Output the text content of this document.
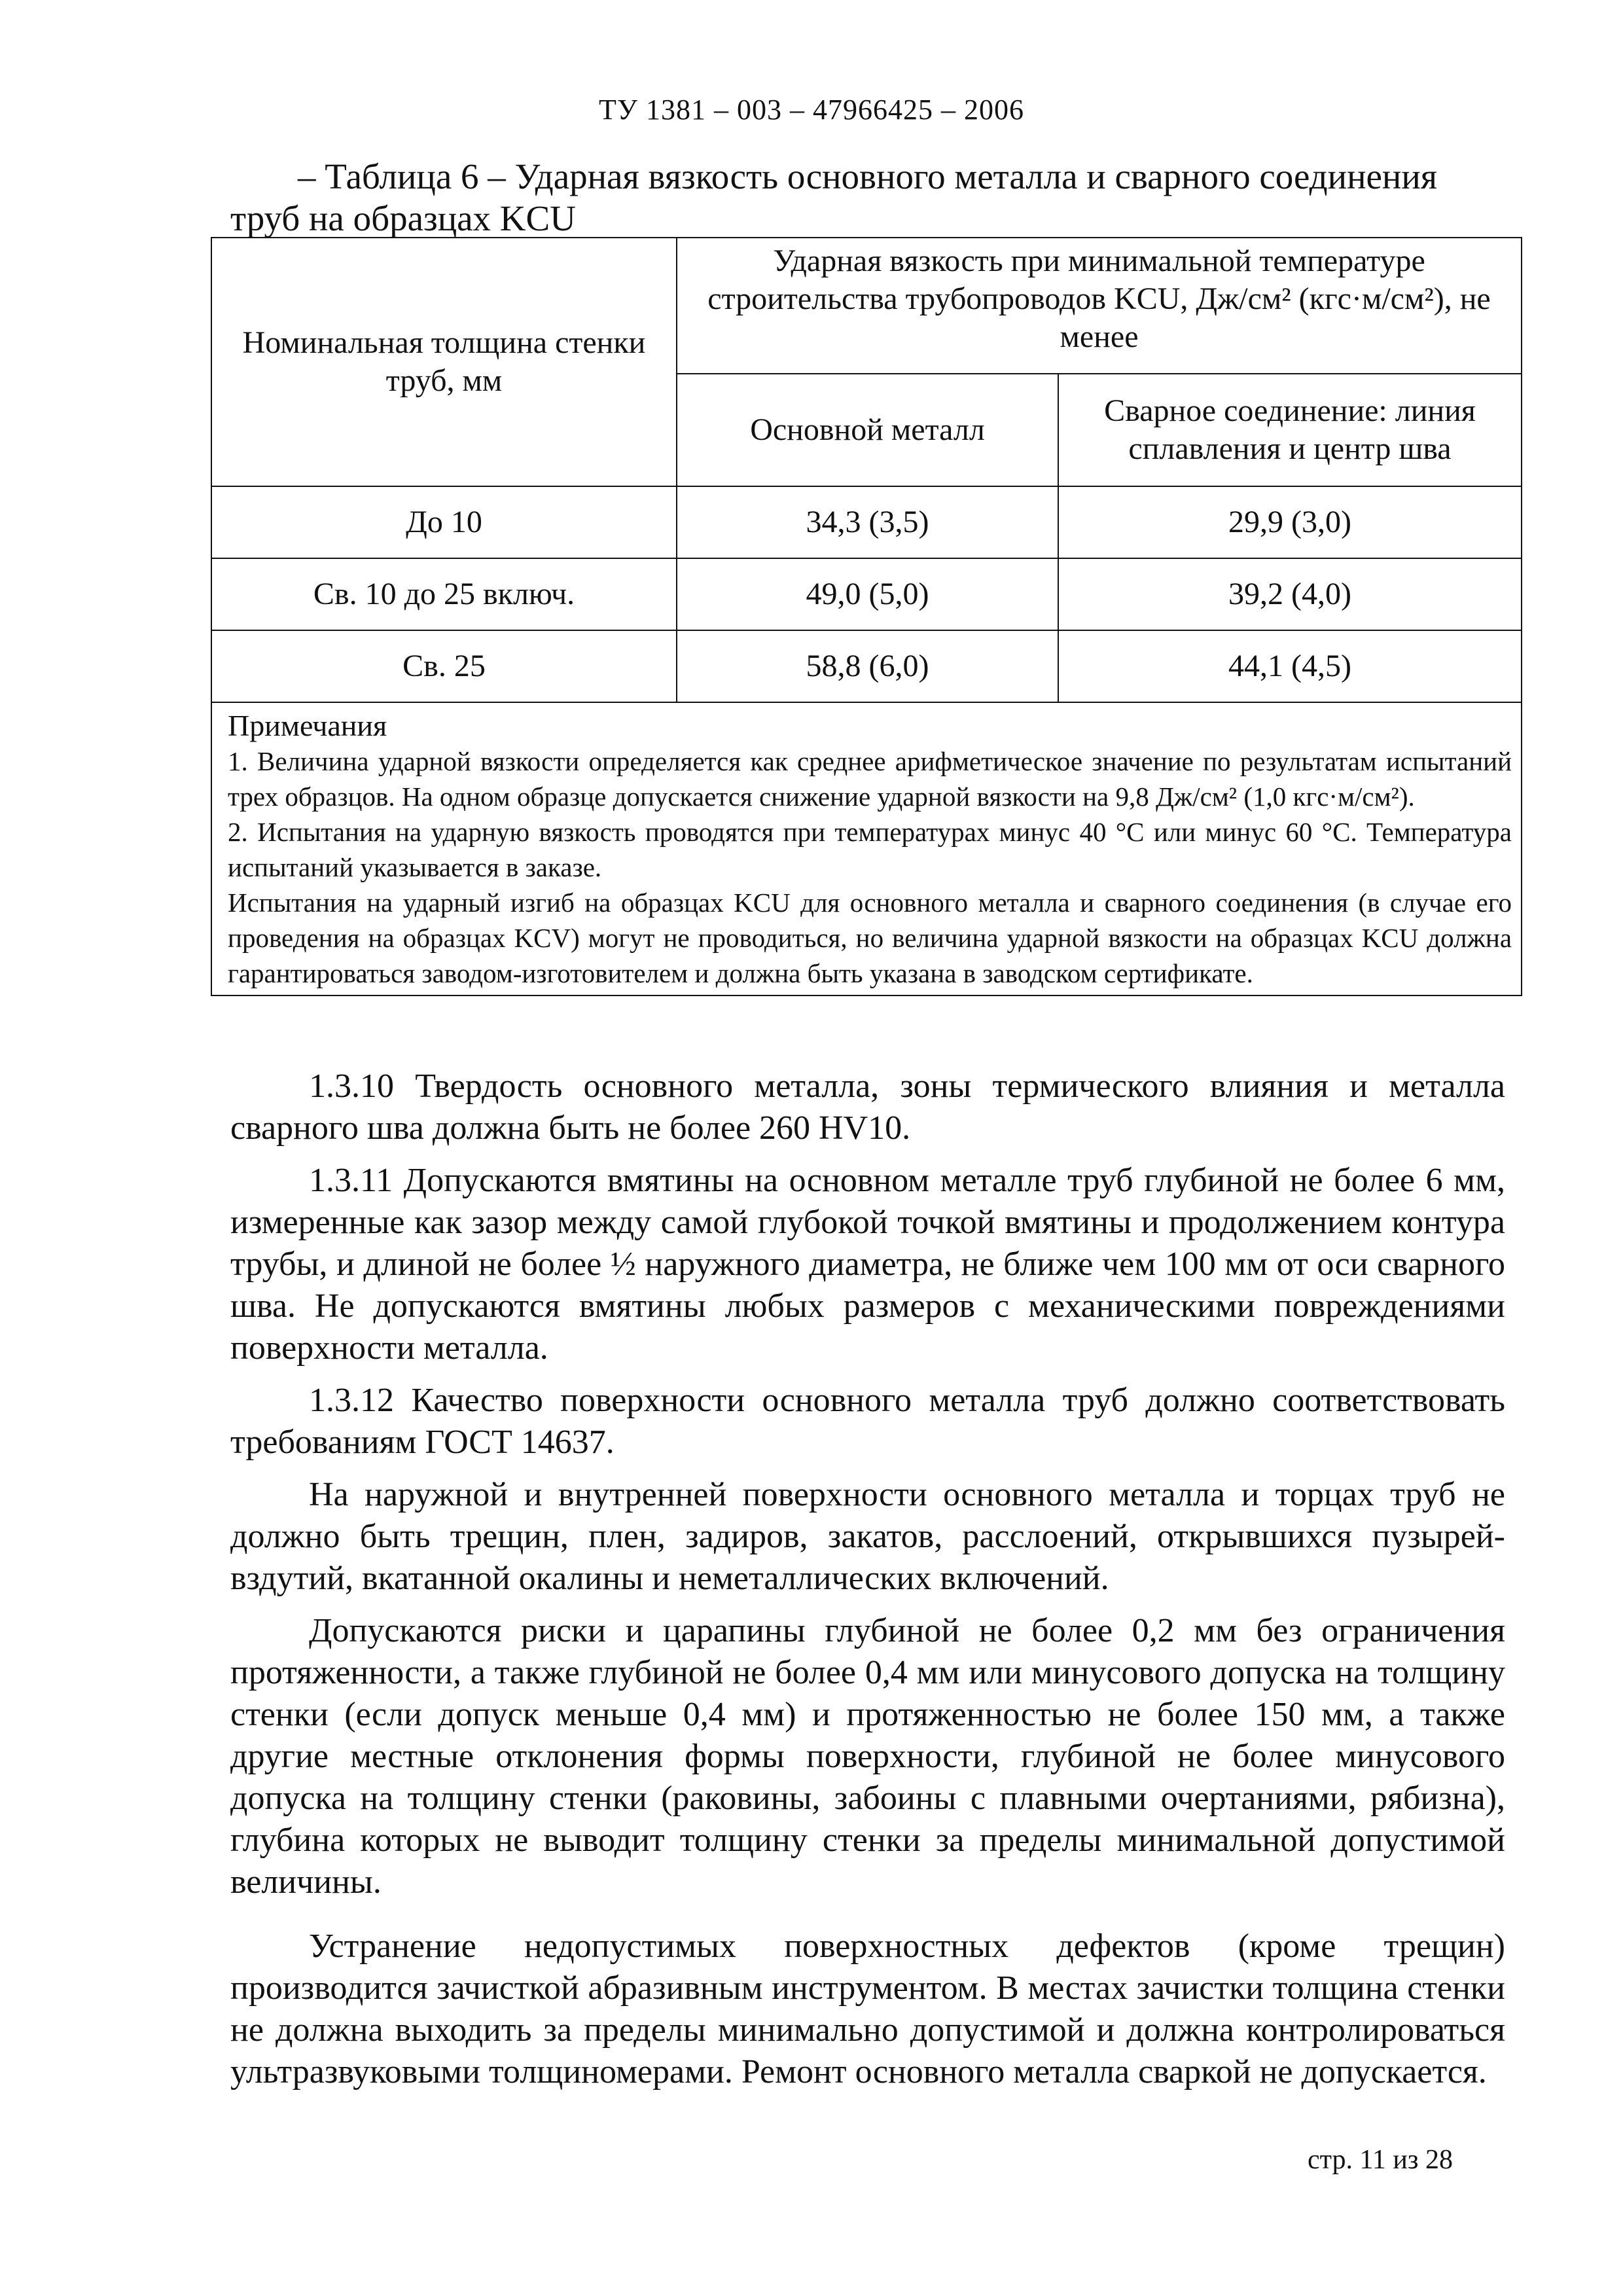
ТУ 1381 – 003 – 47966425 – 2006
– Таблица 6 – Ударная вязкость основного металла и сварного соединения
труб на образцах KCU
Номинальная толщина стенки
труб, мм	Ударная вязкость при минимальной температуре строительства трубопроводов KCU, Дж/см² (кгс·м/см²), не менее	
	Основной металл	Сварное соединение: линия сплавления и центр шва
До 10	34,3 (3,5)	29,9 (3,0)
Св. 10 до 25 включ.	49,0 (5,0)	39,2 (4,0)
Св. 25	58,8 (6,0)	44,1 (4,5)

Примечания

1. Величина ударной вязкости определяется как среднее арифметическое значение по результатам испытаний трех образцов. На одном образце допускается снижение ударной вязкости на 9,8 Дж/см² (1,0 кгс·м/см²).

2. Испытания на ударную вязкость проводятся при температурах минус 40 °С или минус 60 °С. Температура испытаний указывается в заказе.

Испытания на ударный изгиб на образцах KCU для основного металла и сварного соединения (в случае его проведения на образцах KCV) могут не проводиться, но величина ударной вязкости на образцах KCU должна гарантироваться заводом-изготовителем и должна быть указана в заводском сертификате.		

1.3.10 Твердость основного металла, зоны термического влияния и металла сварного шва должна быть не более 260 HV10.

1.3.11 Допускаются вмятины на основном металле труб глубиной не более 6 мм, измеренные как зазор между самой глубокой точкой вмятины и продолжением контура трубы, и длиной не более ½ наружного диаметра, не ближе чем 100 мм от оси сварного шва. Не допускаются вмятины любых размеров с механическими повреждениями поверхности металла.

1.3.12 Качество поверхности основного металла труб должно соответствовать требованиям ГОСТ 14637.

На наружной и внутренней поверхности основного металла и торцах труб не должно быть трещин, плен, задиров, закатов, расслоений, открывшихся пузырей-вздутий, вкатанной окалины и неметаллических включений.

Допускаются риски и царапины глубиной не более 0,2 мм без ограничения протяженности, а также глубиной не более 0,4 мм или минусового допуска на толщину стенки (если допуск меньше 0,4 мм) и протяженностью не более 150 мм, а также другие местные отклонения формы поверхности, глубиной не более минусового допуска на толщину стенки (раковины, забоины с плавными очертаниями, рябизна), глубина которых не выводит толщину стенки за пределы минимальной допустимой величины.

Устранение недопустимых поверхностных дефектов (кроме трещин) производится зачисткой абразивным инструментом. В местах зачистки толщина стенки не должна выходить за пределы минимально допустимой и должна контролироваться ультразвуковыми толщиномерами. Ремонт основного металла сваркой не допускается.

стр. 11 из 28
